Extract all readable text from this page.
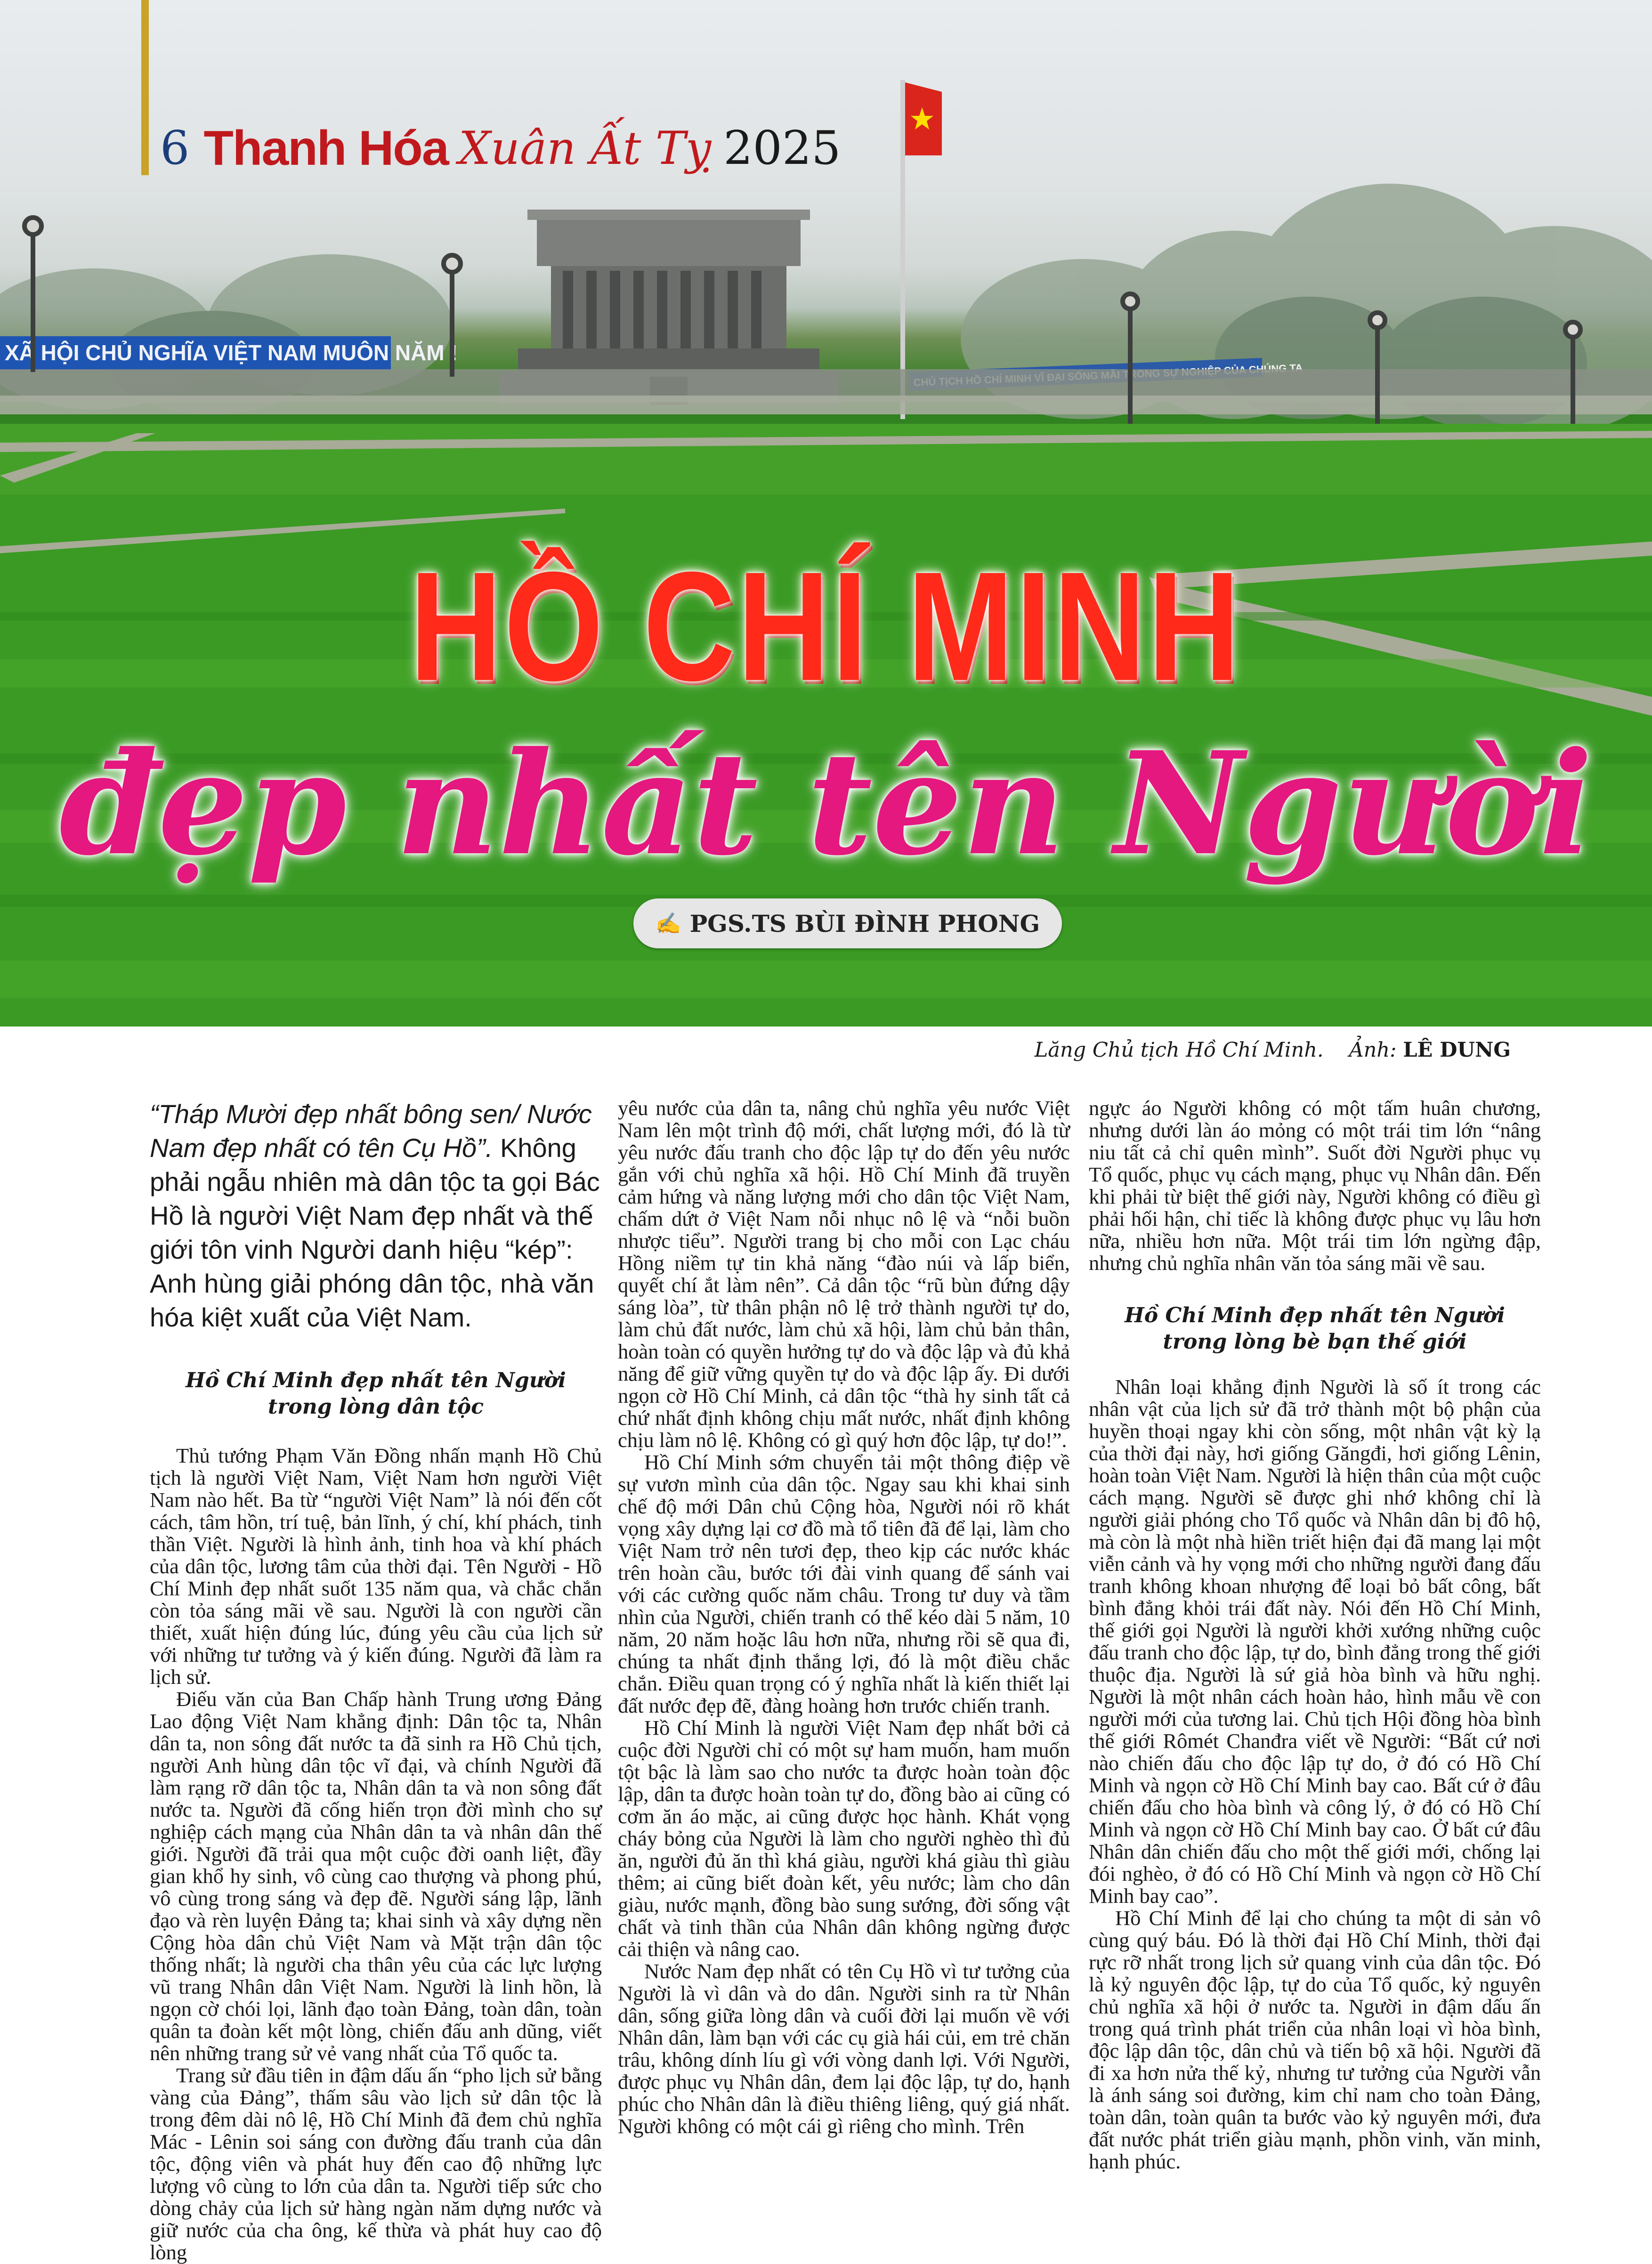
XÃ HỘI CHỦ NGHĨA VIỆT NAM MUÔN NĂM !
6 Thanh Hóa Xuân Ất Tỵ 2025
HỒ CHÍ MINH
đẹp nhất tên Người
✍ PGS.TS BÙI ĐÌNH PHONG
Lăng Chủ tịch Hồ Chí Minh. Ảnh: LÊ DUNG

“Tháp Mười đẹp nhất bông sen/ Nước Nam đẹp nhất có tên Cụ Hồ”. Không phải ngẫu nhiên mà dân tộc ta gọi Bác Hồ là người Việt Nam đẹp nhất và thế giới tôn vinh Người danh hiệu “kép”: Anh hùng giải phóng dân tộc, nhà văn hóa kiệt xuất của Việt Nam.

Hồ Chí Minh đẹp nhất tên Người trong lòng dân tộc

Thủ tướng Phạm Văn Đồng nhấn mạnh Hồ Chủ tịch là người Việt Nam, Việt Nam hơn người Việt Nam nào hết. Ba từ “người Việt Nam” là nói đến cốt cách, tâm hồn, trí tuệ, bản lĩnh, ý chí, khí phách, tinh thần Việt. Người là hình ảnh, tinh hoa và khí phách của dân tộc, lương tâm của thời đại. Tên Người - Hồ Chí Minh đẹp nhất suốt 135 năm qua, và chắc chắn còn tỏa sáng mãi về sau. Người là con người cần thiết, xuất hiện đúng lúc, đúng yêu cầu của lịch sử với những tư tưởng và ý kiến đúng. Người đã làm ra lịch sử.

Điếu văn của Ban Chấp hành Trung ương Đảng Lao động Việt Nam khẳng định: Dân tộc ta, Nhân dân ta, non sông đất nước ta đã sinh ra Hồ Chủ tịch, người Anh hùng dân tộc vĩ đại, và chính Người đã làm rạng rỡ dân tộc ta, Nhân dân ta và non sông đất nước ta. Người đã cống hiến trọn đời mình cho sự nghiệp cách mạng của Nhân dân ta và nhân dân thế giới. Người đã trải qua một cuộc đời oanh liệt, đầy gian khổ hy sinh, vô cùng cao thượng và phong phú, vô cùng trong sáng và đẹp đẽ. Người sáng lập, lãnh đạo và rèn luyện Đảng ta; khai sinh và xây dựng nền Cộng hòa dân chủ Việt Nam và Mặt trận dân tộc thống nhất; là người cha thân yêu của các lực lượng vũ trang Nhân dân Việt Nam. Người là linh hồn, là ngọn cờ chói lọi, lãnh đạo toàn Đảng, toàn dân, toàn quân ta đoàn kết một lòng, chiến đấu anh dũng, viết nên những trang sử vẻ vang nhất của Tổ quốc ta.

Trang sử đầu tiên in đậm dấu ấn “pho lịch sử bằng vàng của Đảng”, thấm sâu vào lịch sử dân tộc là trong đêm dài nô lệ, Hồ Chí Minh đã đem chủ nghĩa Mác - Lênin soi sáng con đường đấu tranh của dân tộc, động viên và phát huy đến cao độ những lực lượng vô cùng to lớn của dân ta. Người tiếp sức cho dòng chảy của lịch sử hàng ngàn năm dựng nước và giữ nước của cha ông, kế thừa và phát huy cao độ lòng

yêu nước của dân ta, nâng chủ nghĩa yêu nước Việt Nam lên một trình độ mới, chất lượng mới, đó là từ yêu nước đấu tranh cho độc lập tự do đến yêu nước gắn với chủ nghĩa xã hội. Hồ Chí Minh đã truyền cảm hứng và năng lượng mới cho dân tộc Việt Nam, chấm dứt ở Việt Nam nỗi nhục nô lệ và “nỗi buồn nhược tiểu”. Người trang bị cho mỗi con Lạc cháu Hồng niềm tự tin khả năng “đào núi và lấp biển, quyết chí ắt làm nên”. Cả dân tộc “rũ bùn đứng dậy sáng lòa”, từ thân phận nô lệ trở thành người tự do, làm chủ đất nước, làm chủ xã hội, làm chủ bản thân, hoàn toàn có quyền hưởng tự do và độc lập và đủ khả năng để giữ vững quyền tự do và độc lập ấy. Đi dưới ngọn cờ Hồ Chí Minh, cả dân tộc “thà hy sinh tất cả chứ nhất định không chịu mất nước, nhất định không chịu làm nô lệ. Không có gì quý hơn độc lập, tự do!”.

Hồ Chí Minh sớm chuyển tải một thông điệp về sự vươn mình của dân tộc. Ngay sau khi khai sinh chế độ mới Dân chủ Cộng hòa, Người nói rõ khát vọng xây dựng lại cơ đồ mà tổ tiên đã để lại, làm cho Việt Nam trở nên tươi đẹp, theo kịp các nước khác trên hoàn cầu, bước tới đài vinh quang để sánh vai với các cường quốc năm châu. Trong tư duy và tầm nhìn của Người, chiến tranh có thể kéo dài 5 năm, 10 năm, 20 năm hoặc lâu hơn nữa, nhưng rồi sẽ qua đi, chúng ta nhất định thắng lợi, đó là một điều chắc chắn. Điều quan trọng có ý nghĩa nhất là kiến thiết lại đất nước đẹp đẽ, đàng hoàng hơn trước chiến tranh.

Hồ Chí Minh là người Việt Nam đẹp nhất bởi cả cuộc đời Người chỉ có một sự ham muốn, ham muốn tột bậc là làm sao cho nước ta được hoàn toàn độc lập, dân ta được hoàn toàn tự do, đồng bào ai cũng có cơm ăn áo mặc, ai cũng được học hành. Khát vọng cháy bỏng của Người là làm cho người nghèo thì đủ ăn, người đủ ăn thì khá giàu, người khá giàu thì giàu thêm; ai cũng biết đoàn kết, yêu nước; làm cho dân giàu, nước mạnh, đồng bào sung sướng, đời sống vật chất và tinh thần của Nhân dân không ngừng được cải thiện và nâng cao.

Nước Nam đẹp nhất có tên Cụ Hồ vì tư tưởng của Người là vì dân và do dân. Người sinh ra từ Nhân dân, sống giữa lòng dân và cuối đời lại muốn về với Nhân dân, làm bạn với các cụ già hái củi, em trẻ chăn trâu, không dính líu gì với vòng danh lợi. Với Người, được phục vụ Nhân dân, đem lại độc lập, tự do, hạnh phúc cho Nhân dân là điều thiêng liêng, quý giá nhất. Người không có một cái gì riêng cho mình. Trên

ngực áo Người không có một tấm huân chương, nhưng dưới làn áo mỏng có một trái tim lớn “nâng niu tất cả chỉ quên mình”. Suốt đời Người phục vụ Tổ quốc, phục vụ cách mạng, phục vụ Nhân dân. Đến khi phải từ biệt thế giới này, Người không có điều gì phải hối hận, chỉ tiếc là không được phục vụ lâu hơn nữa, nhiều hơn nữa. Một trái tim lớn ngừng đập, nhưng chủ nghĩa nhân văn tỏa sáng mãi về sau.

Hồ Chí Minh đẹp nhất tên Người trong lòng bè bạn thế giới

Nhân loại khẳng định Người là số ít trong các nhân vật của lịch sử đã trở thành một bộ phận của huyền thoại ngay khi còn sống, một nhân vật kỳ lạ của thời đại này, hơi giống Găngđi, hơi giống Lênin, hoàn toàn Việt Nam. Người là hiện thân của một cuộc cách mạng. Người sẽ được ghi nhớ không chỉ là người giải phóng cho Tổ quốc và Nhân dân bị đô hộ, mà còn là một nhà hiền triết hiện đại đã mang lại một viễn cảnh và hy vọng mới cho những người đang đấu tranh không khoan nhượng để loại bỏ bất công, bất bình đẳng khỏi trái đất này. Nói đến Hồ Chí Minh, thế giới gọi Người là người khởi xướng những cuộc đấu tranh cho độc lập, tự do, bình đẳng trong thế giới thuộc địa. Người là sứ giả hòa bình và hữu nghị. Người là một nhân cách hoàn hảo, hình mẫu về con người mới của tương lai. Chủ tịch Hội đồng hòa bình thế giới Rômét Chanđra viết về Người: “Bất cứ nơi nào chiến đấu cho độc lập tự do, ở đó có Hồ Chí Minh và ngọn cờ Hồ Chí Minh bay cao. Bất cứ ở đâu chiến đấu cho hòa bình và công lý, ở đó có Hồ Chí Minh và ngọn cờ Hồ Chí Minh bay cao. Ở bất cứ đâu Nhân dân chiến đấu cho một thế giới mới, chống lại đói nghèo, ở đó có Hồ Chí Minh và ngọn cờ Hồ Chí Minh bay cao”.

Hồ Chí Minh để lại cho chúng ta một di sản vô cùng quý báu. Đó là thời đại Hồ Chí Minh, thời đại rực rỡ nhất trong lịch sử quang vinh của dân tộc. Đó là kỷ nguyên độc lập, tự do của Tổ quốc, kỷ nguyên chủ nghĩa xã hội ở nước ta. Người in đậm dấu ấn trong quá trình phát triển của nhân loại vì hòa bình, độc lập dân tộc, dân chủ và tiến bộ xã hội. Người đã đi xa hơn nửa thế kỷ, nhưng tư tưởng của Người vẫn là ánh sáng soi đường, kim chỉ nam cho toàn Đảng, toàn dân, toàn quân ta bước vào kỷ nguyên mới, đưa đất nước phát triển giàu mạnh, phồn vinh, văn minh, hạnh phúc.
